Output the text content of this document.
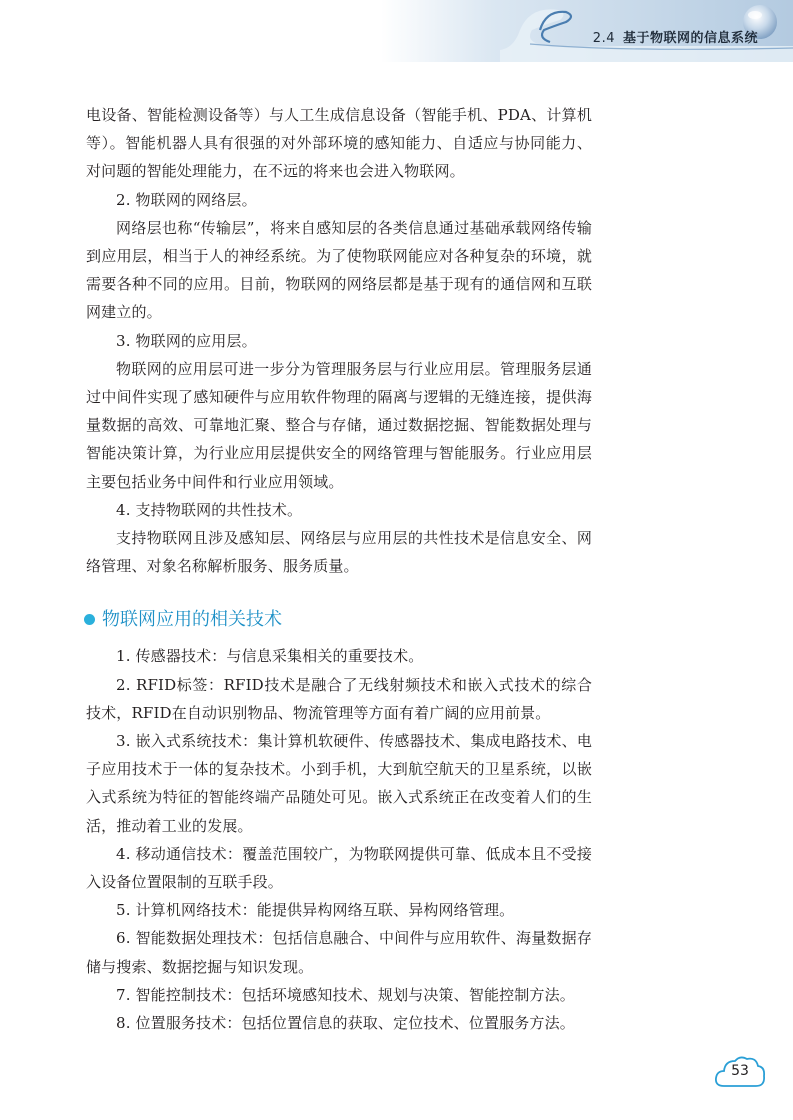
2.4 基于物联网的信息系统

电设备、智能检测设备等）与人工生成信息设备（智能手机、PDA、计算机等）。智能机器人具有很强的对外部环境的感知能力、自适应与协同能力、对问题的智能处理能力，在不远的将来也会进入物联网。

2. 物联网的网络层。

网络层也称“传输层”，将来自感知层的各类信息通过基础承载网络传输到应用层，相当于人的神经系统。为了使物联网能应对各种复杂的环境，就需要各种不同的应用。目前，物联网的网络层都是基于现有的通信网和互联网建立的。

3. 物联网的应用层。

物联网的应用层可进一步分为管理服务层与行业应用层。管理服务层通过中间件实现了感知硬件与应用软件物理的隔离与逻辑的无缝连接，提供海量数据的高效、可靠地汇聚、整合与存储，通过数据挖掘、智能数据处理与智能决策计算，为行业应用层提供安全的网络管理与智能服务。行业应用层主要包括业务中间件和行业应用领域。

4. 支持物联网的共性技术。

支持物联网且涉及感知层、网络层与应用层的共性技术是信息安全、网络管理、对象名称解析服务、服务质量。

物联网应用的相关技术

1. 传感器技术：与信息采集相关的重要技术。

2. RFID标签：RFID技术是融合了无线射频技术和嵌入式技术的综合技术，RFID在自动识别物品、物流管理等方面有着广阔的应用前景。

3. 嵌入式系统技术：集计算机软硬件、传感器技术、集成电路技术、电子应用技术于一体的复杂技术。小到手机，大到航空航天的卫星系统，以嵌入式系统为特征的智能终端产品随处可见。嵌入式系统正在改变着人们的生活，推动着工业的发展。

4. 移动通信技术：覆盖范围较广，为物联网提供可靠、低成本且不受接入设备位置限制的互联手段。

5. 计算机网络技术：能提供异构网络互联、异构网络管理。

6. 智能数据处理技术：包括信息融合、中间件与应用软件、海量数据存储与搜索、数据挖掘与知识发现。

7. 智能控制技术：包括环境感知技术、规划与决策、智能控制方法。

8. 位置服务技术：包括位置信息的获取、定位技术、位置服务方法。

53
